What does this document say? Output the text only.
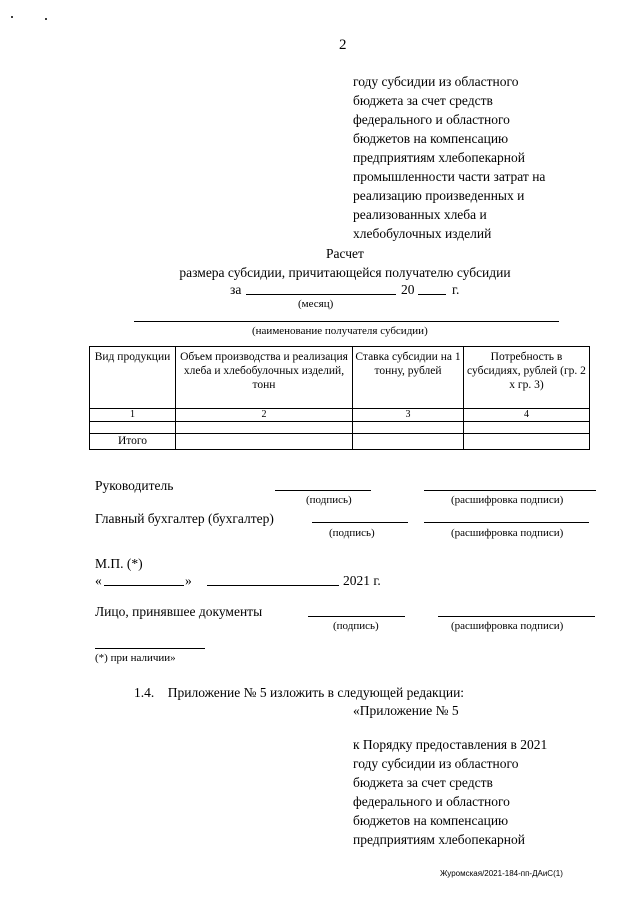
2
году субсидии из областного
бюджета за счет средств
федерального и областного
бюджетов на компенсацию
предприятиям хлебопекарной
промышленности части затрат на
реализацию произведенных и
реализованных хлеба и
хлебобулочных изделий
Расчет
размера субсидии, причитающейся получателю субсидии
за	20	г.
(месяц)
(наименование получателя субсидии)
Вид продукции	Объем производства и реализация хлеба и хлебобулочных изделий, тонн	Ставка субсидии на 1 тонну, рублей	Потребность в субсидиях, рублей (гр. 2 x гр. 3)
1	2	3	4

Итого			
Руководитель
(подпись)	(расшифровка подписи)
Главный бухгалтер (бухгалтер)
(подпись)	(расшифровка подписи)
М.П. (*)
«	»	2021 г.
Лицо, принявшее документы
(подпись)	(расшифровка подписи)
(*) при наличии»
1.4.    Приложение № 5 изложить в следующей редакции:
«Приложение № 5
к Порядку предоставления в 2021
году субсидии из областного
бюджета за счет средств
федерального и областного
бюджетов на компенсацию
предприятиям хлебопекарной
Журомская/2021-184-пп-ДАиС(1)
